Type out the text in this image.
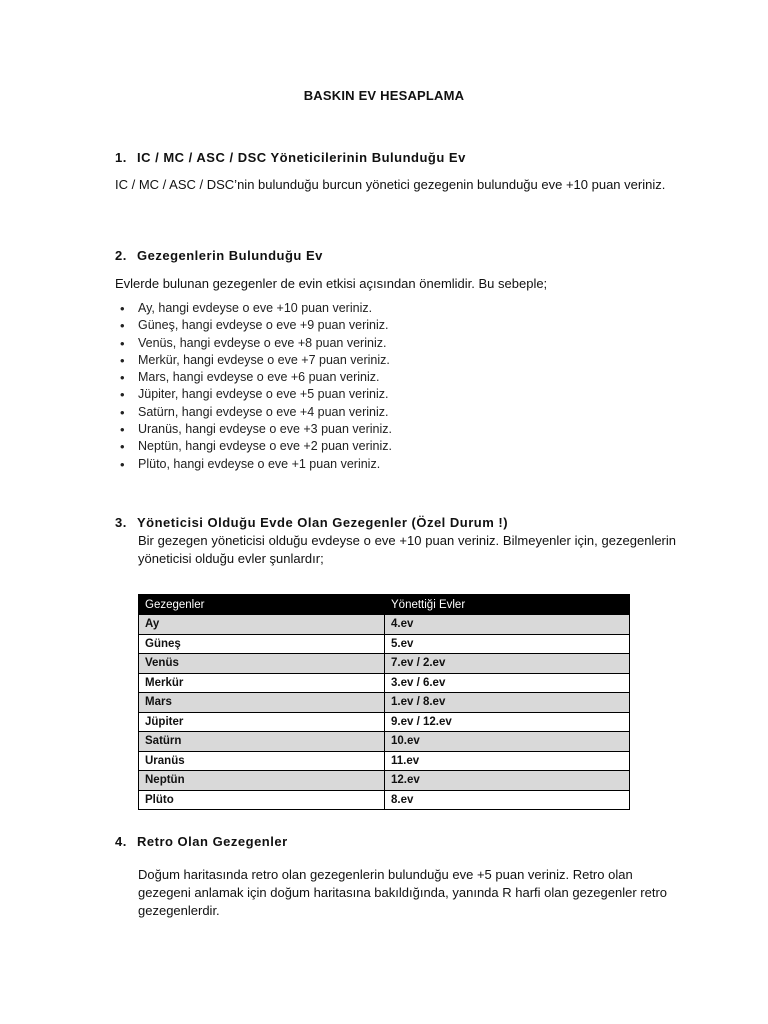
BASKIN EV HESAPLAMA
1. IC / MC / ASC / DSC Yöneticilerinin Bulunduğu Ev
IC / MC / ASC / DSC’nin bulunduğu burcun yönetici gezegenin bulunduğu eve +10 puan veriniz.
2. Gezegenlerin Bulunduğu Ev
Evlerde bulunan gezegenler de evin etkisi açısından önemlidir. Bu sebeple;
• Ay, hangi evdeyse o eve +10 puan veriniz.
• Güneş, hangi evdeyse o eve +9 puan veriniz.
• Venüs, hangi evdeyse o eve +8 puan veriniz.
• Merkür, hangi evdeyse o eve +7 puan veriniz.
• Mars, hangi evdeyse o eve +6 puan veriniz.
• Jüpiter, hangi evdeyse o eve +5 puan veriniz.
• Satürn, hangi evdeyse o eve +4 puan veriniz.
• Uranüs, hangi evdeyse o eve +3 puan veriniz.
• Neptün, hangi evdeyse o eve +2 puan veriniz.
• Plüto, hangi evdeyse o eve +1 puan veriniz.
3. Yöneticisi Olduğu Evde Olan Gezegenler (Özel Durum !)
Bir gezegen yöneticisi olduğu evdeyse o eve +10 puan veriniz. Bilmeyenler için, gezegenlerin yöneticisi olduğu evler şunlardır;
Gezegenler	Yönettiği Evler
Ay	4.ev
Güneş	5.ev
Venüs	7.ev / 2.ev
Merkür	3.ev / 6.ev
Mars	1.ev / 8.ev
Jüpiter	9.ev / 12.ev
Satürn	10.ev
Uranüs	11.ev
Neptün	12.ev
Plüto	8.ev
4. Retro Olan Gezegenler
Doğum haritasında retro olan gezegenlerin bulunduğu eve +5 puan veriniz. Retro olan gezegeni anlamak için doğum haritasına bakıldığında, yanında R harfi olan gezegenler retro gezegenlerdir.
